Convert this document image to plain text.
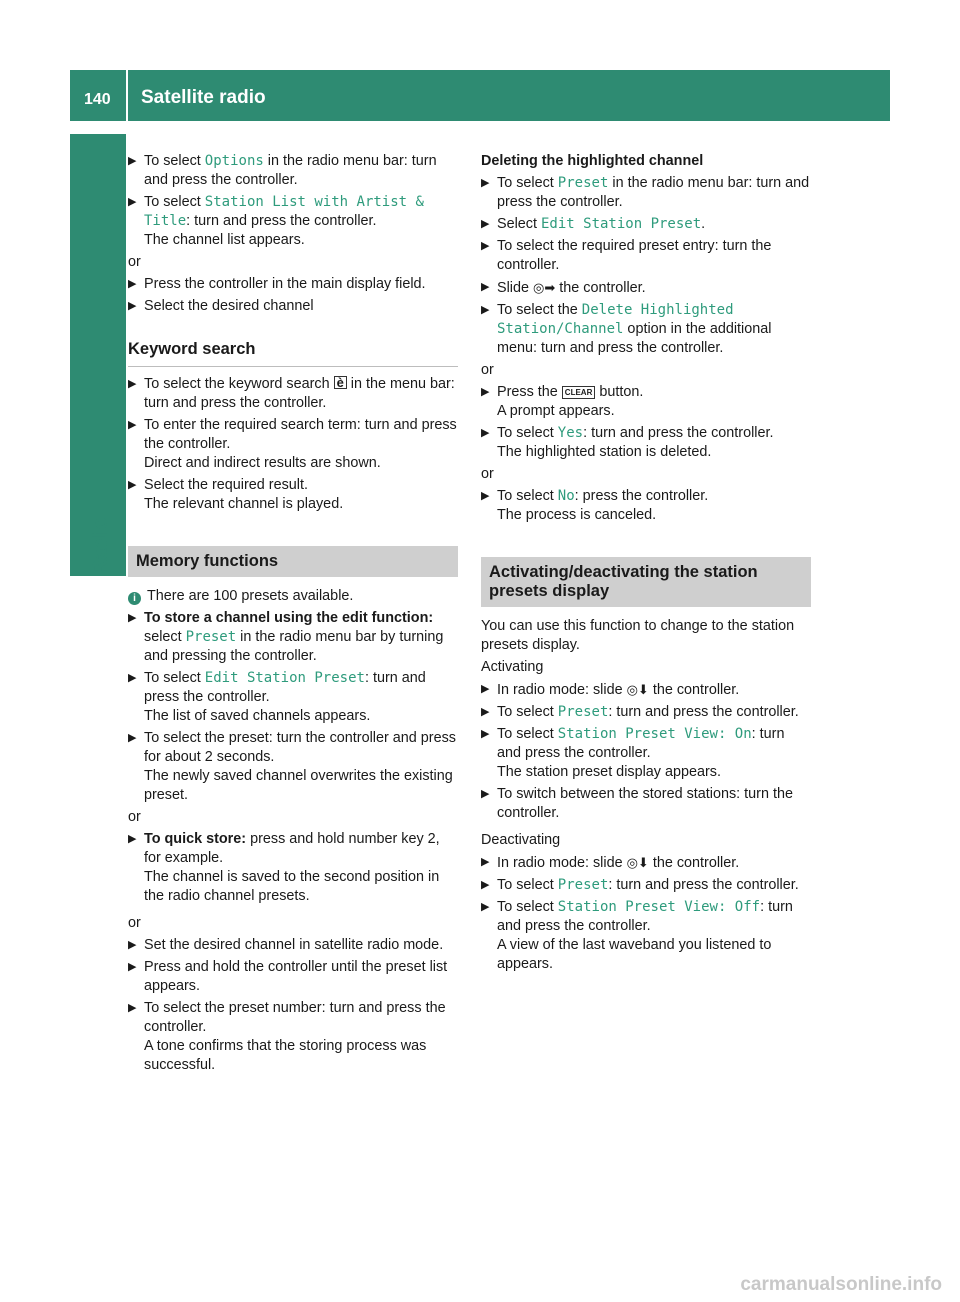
140 Satellite radio
Radio
▶ To select Options in the radio menu bar: turn and press the controller.
▶ To select Station List with Artist & Title: turn and press the controller.
The channel list appears.
or
▶ Press the controller in the main display field.
▶ Select the desired channel
Keyword search
▶ To select the keyword search è in the menu bar: turn and press the controller.
▶ To enter the required search term: turn and press the controller.
Direct and indirect results are shown.
▶ Select the required result.
The relevant channel is played.
Memory functions
i There are 100 presets available.
▶ To store a channel using the edit function: select Preset in the radio menu bar by turning and pressing the controller.
▶ To select Edit Station Preset: turn and press the controller.
The list of saved channels appears.
▶ To select the preset: turn the controller and press for about 2 seconds.
The newly saved channel overwrites the existing preset.
or
▶ To quick store: press and hold number key 2, for example.
The channel is saved to the second position in the radio channel presets.
or
▶ Set the desired channel in satellite radio mode.
▶ Press and hold the controller until the preset list appears.
▶ To select the preset number: turn and press the controller.
A tone confirms that the storing process was successful.
Deleting the highlighted channel
▶ To select Preset in the radio menu bar: turn and press the controller.
▶ Select Edit Station Preset.
▶ To select the required preset entry: turn the controller.
▶ Slide ◎➡ the controller.
▶ To select the Delete Highlighted Station/Channel option in the additional menu: turn and press the controller.
or
▶ Press the CLEAR button.
A prompt appears.
▶ To select Yes: turn and press the controller.
The highlighted station is deleted.
or
▶ To select No: press the controller.
The process is canceled.
Activating/deactivating the station presets display
You can use this function to change to the station presets display.
Activating
▶ In radio mode: slide ◎⬇ the controller.
▶ To select Preset: turn and press the controller.
▶ To select Station Preset View: On: turn and press the controller.
The station preset display appears.
▶ To switch between the stored stations: turn the controller.
Deactivating
▶ In radio mode: slide ◎⬇ the controller.
▶ To select Preset: turn and press the controller.
▶ To select Station Preset View: Off: turn and press the controller.
A view of the last waveband you listened to appears.
carmanualsonline.info
